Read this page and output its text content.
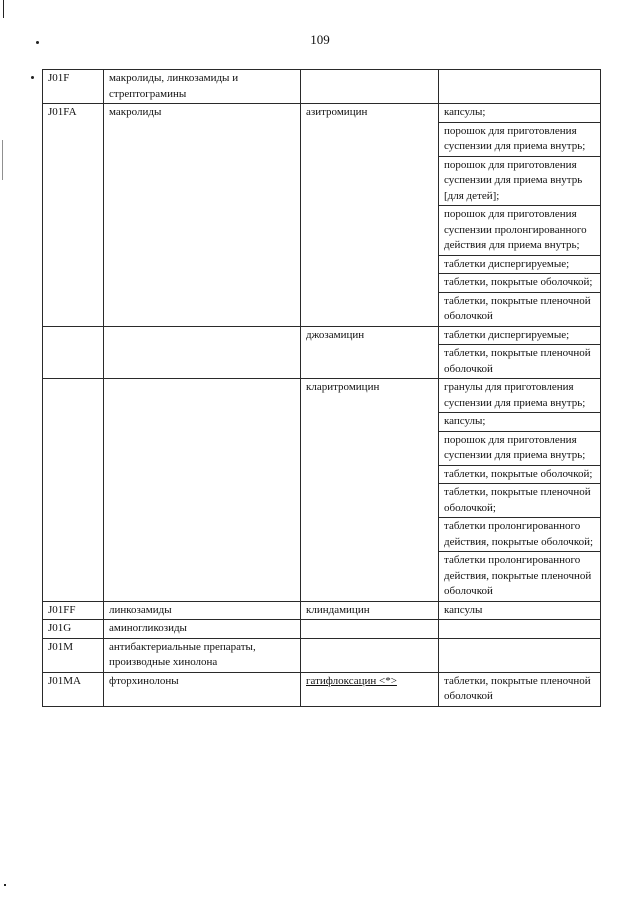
109
J01F	макролиды, линкозамиды и стрептограмины		
J01FA	макролиды	азитромицин	капсулы;
			порошок для приготовления суспензии для приема внутрь;
			порошок для приготовления суспензии для приема внутрь [для детей];
			порошок для приготовления суспензии пролонгированного действия для приема внутрь;
			таблетки диспергируемые;
			таблетки, покрытые оболочкой;
			таблетки, покрытые пленочной оболочкой
		джозамицин	таблетки диспергируемые;
			таблетки, покрытые пленочной оболочкой
		кларитромицин	гранулы для приготовления суспензии для приема внутрь;
			капсулы;
			порошок для приготовления суспензии для приема внутрь;
			таблетки, покрытые оболочкой;
			таблетки, покрытые пленочной оболочкой;
			таблетки пролонгированного действия, покрытые оболочкой;
			таблетки пролонгированного действия, покрытые пленочной оболочкой
J01FF	линкозамиды	клиндамицин	капсулы
J01G	аминогликозиды		
J01M	антибактериальные препараты, производные хинолона		
J01MA	фторхинолоны	гатифлоксацин <*>	таблетки, покрытые пленочной оболочкой
